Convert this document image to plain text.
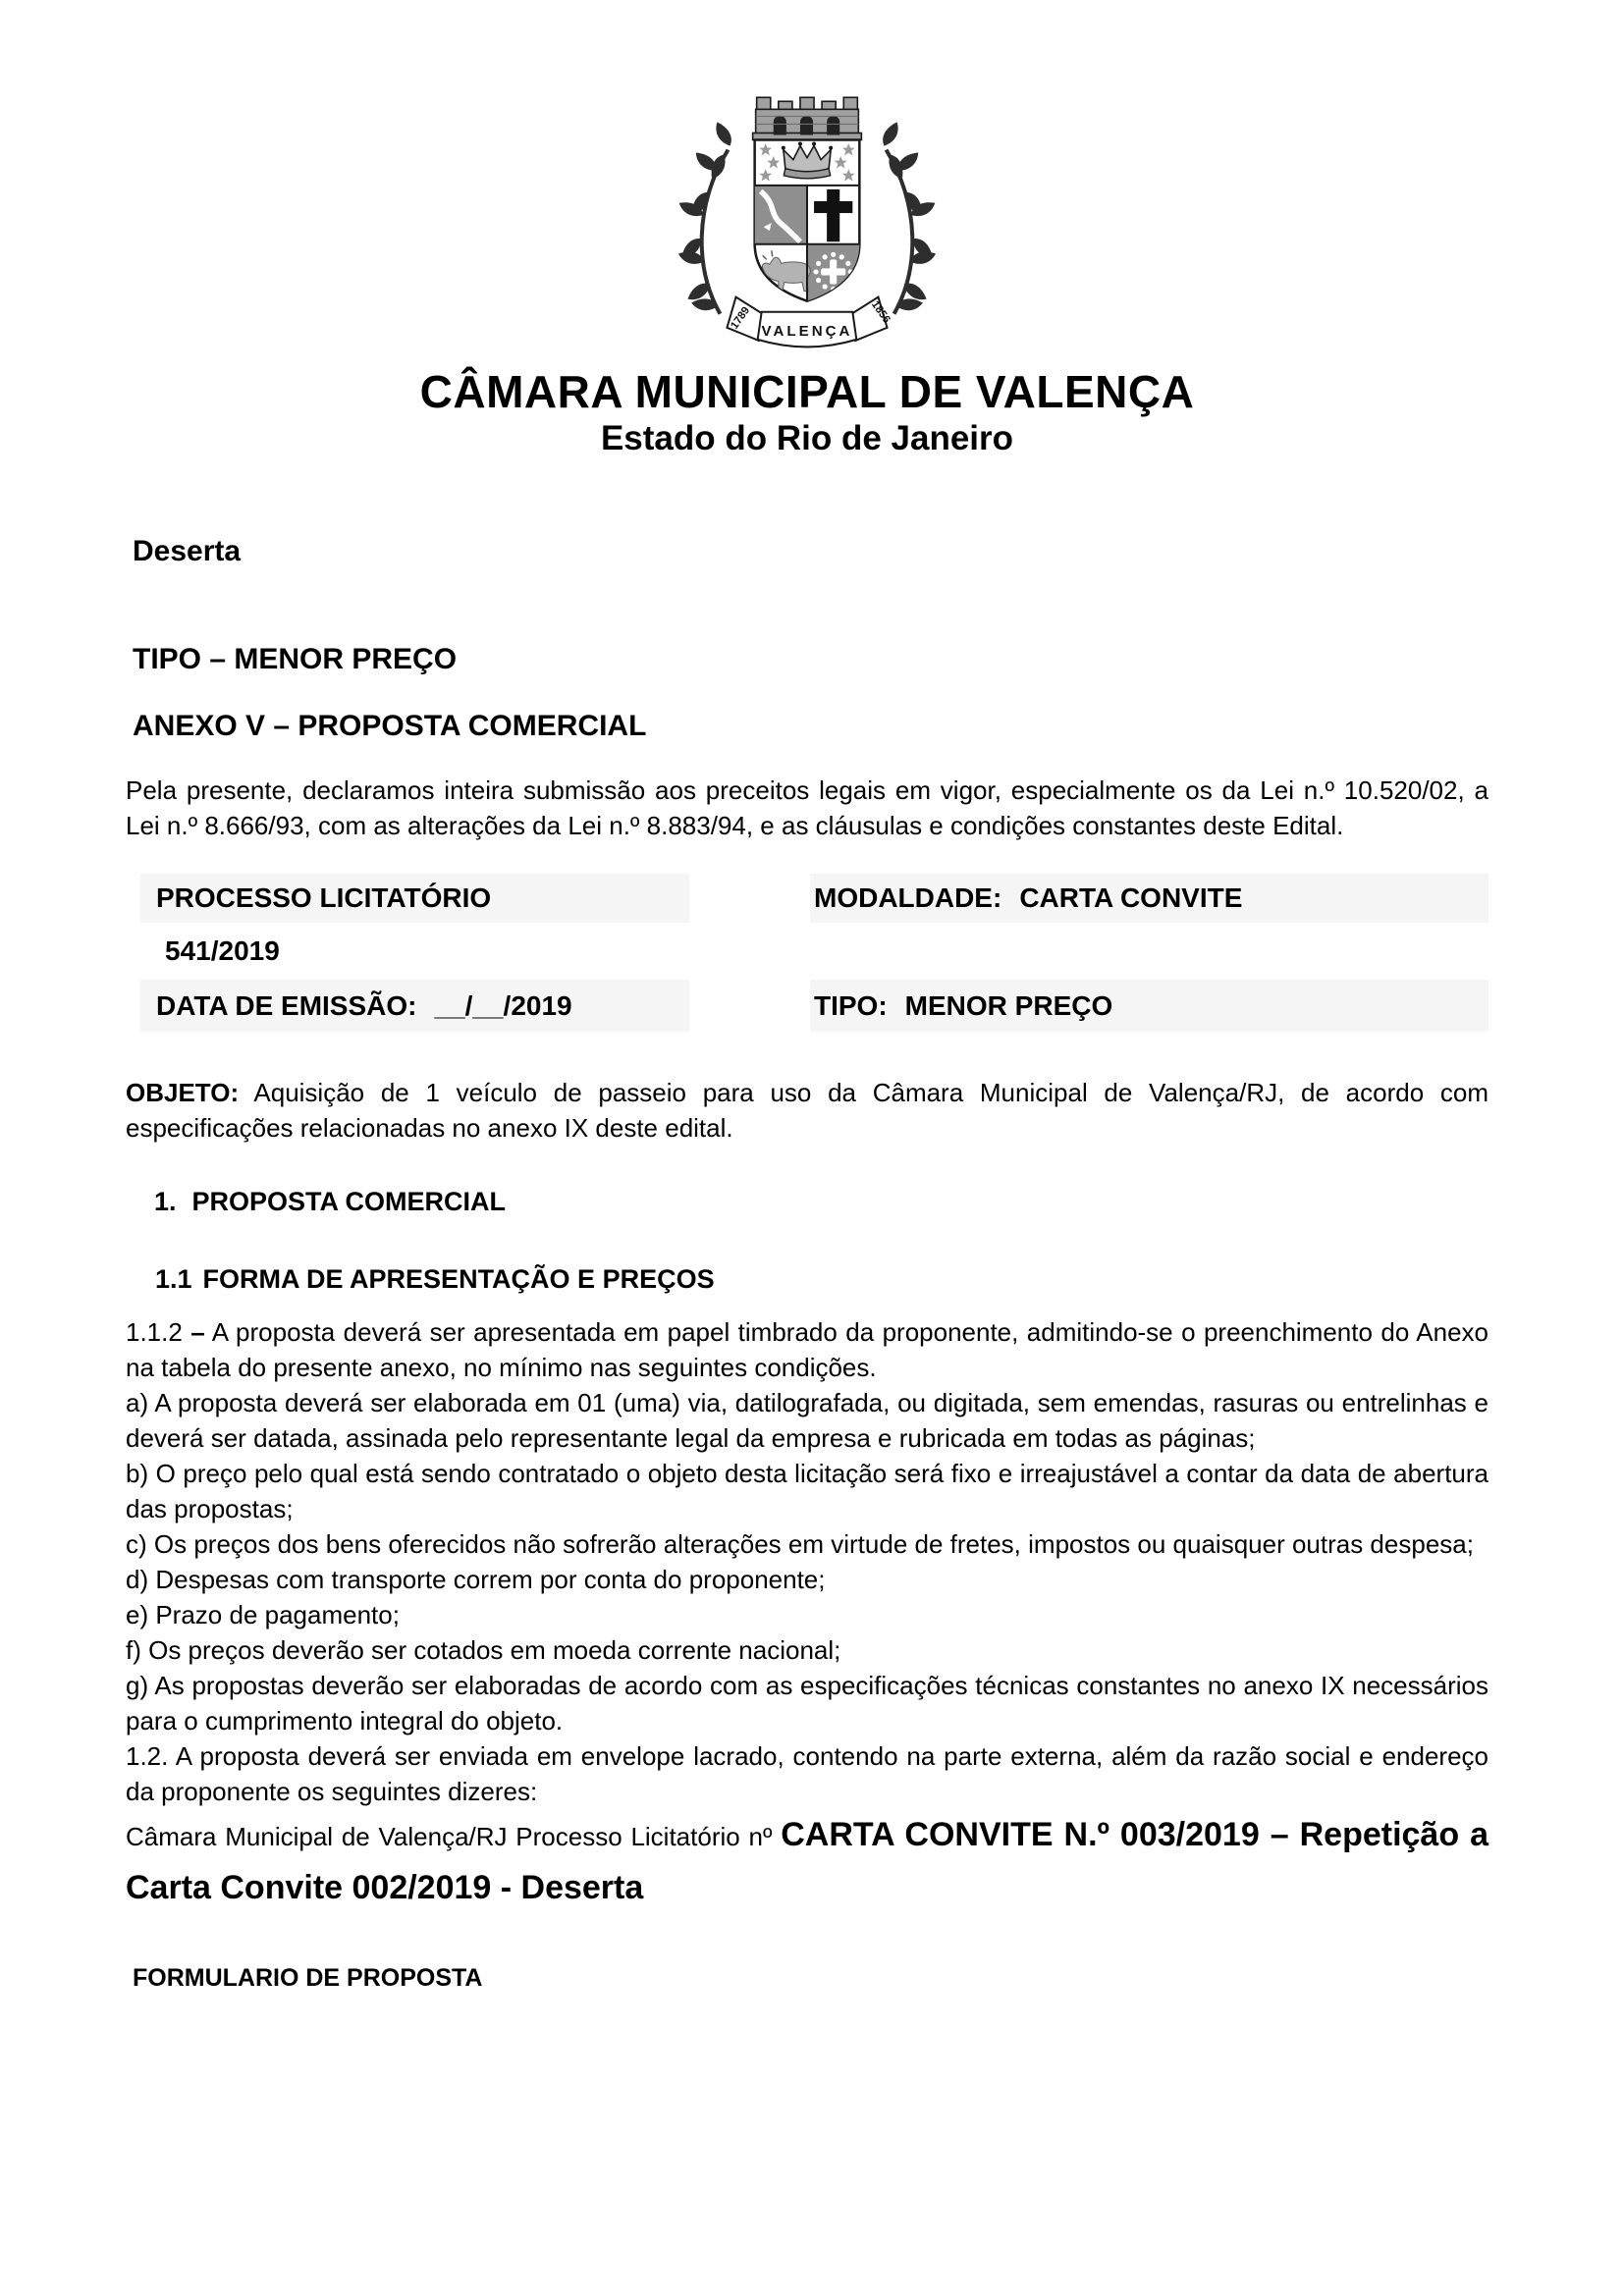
VALENÇA
1789	1856
CÂMARA MUNICIPAL DE VALENÇA
Estado do Rio de Janeiro
Deserta
TIPO – MENOR PREÇO
ANEXO V – PROPOSTA COMERCIAL

Pela presente, declaramos inteira submissão aos preceitos legais em vigor, especialmente os da Lei n.º 10.520/02, a Lei n.º 8.666/93, com as alterações da Lei n.º 8.883/94, e as cláusulas e condições constantes deste Edital.

PROCESSO LICITATÓRIO	MODALDADE: CARTA CONVITE
541/2019
DATA DE EMISSÃO: __/__/2019	TIPO: MENOR PREÇO

OBJETO: Aquisição de 1 veículo de passeio para uso da Câmara Municipal de Valença/RJ, de acordo com especificações relacionadas no anexo IX deste edital.

1. PROPOSTA COMERCIAL
1.1 FORMA DE APRESENTAÇÃO E PREÇOS

1.1.2 – A proposta deverá ser apresentada em papel timbrado da proponente, admitindo-se o preenchimento do Anexo na tabela do presente anexo, no mínimo nas seguintes condições.

a) A proposta deverá ser elaborada em 01 (uma) via, datilografada, ou digitada, sem emendas, rasuras ou entrelinhas e deverá ser datada, assinada pelo representante legal da empresa e rubricada em todas as páginas;

b) O preço pelo qual está sendo contratado o objeto desta licitação será fixo e irreajustável a contar da data de abertura das propostas;

c) Os preços dos bens oferecidos não sofrerão alterações em virtude de fretes, impostos ou quaisquer outras despesa;

d) Despesas com transporte correm por conta do proponente;

e) Prazo de pagamento;

f) Os preços deverão ser cotados em moeda corrente nacional;

g) As propostas deverão ser elaboradas de acordo com as especificações técnicas constantes no anexo IX necessários para o cumprimento integral do objeto.

1.2. A proposta deverá ser enviada em envelope lacrado, contendo na parte externa, além da razão social e endereço da proponente os seguintes dizeres:

Câmara Municipal de Valença/RJ Processo Licitatório nº CARTA CONVITE N.º 003/2019 – Repetição a Carta Convite 002/2019 - Deserta

FORMULARIO DE PROPOSTA
